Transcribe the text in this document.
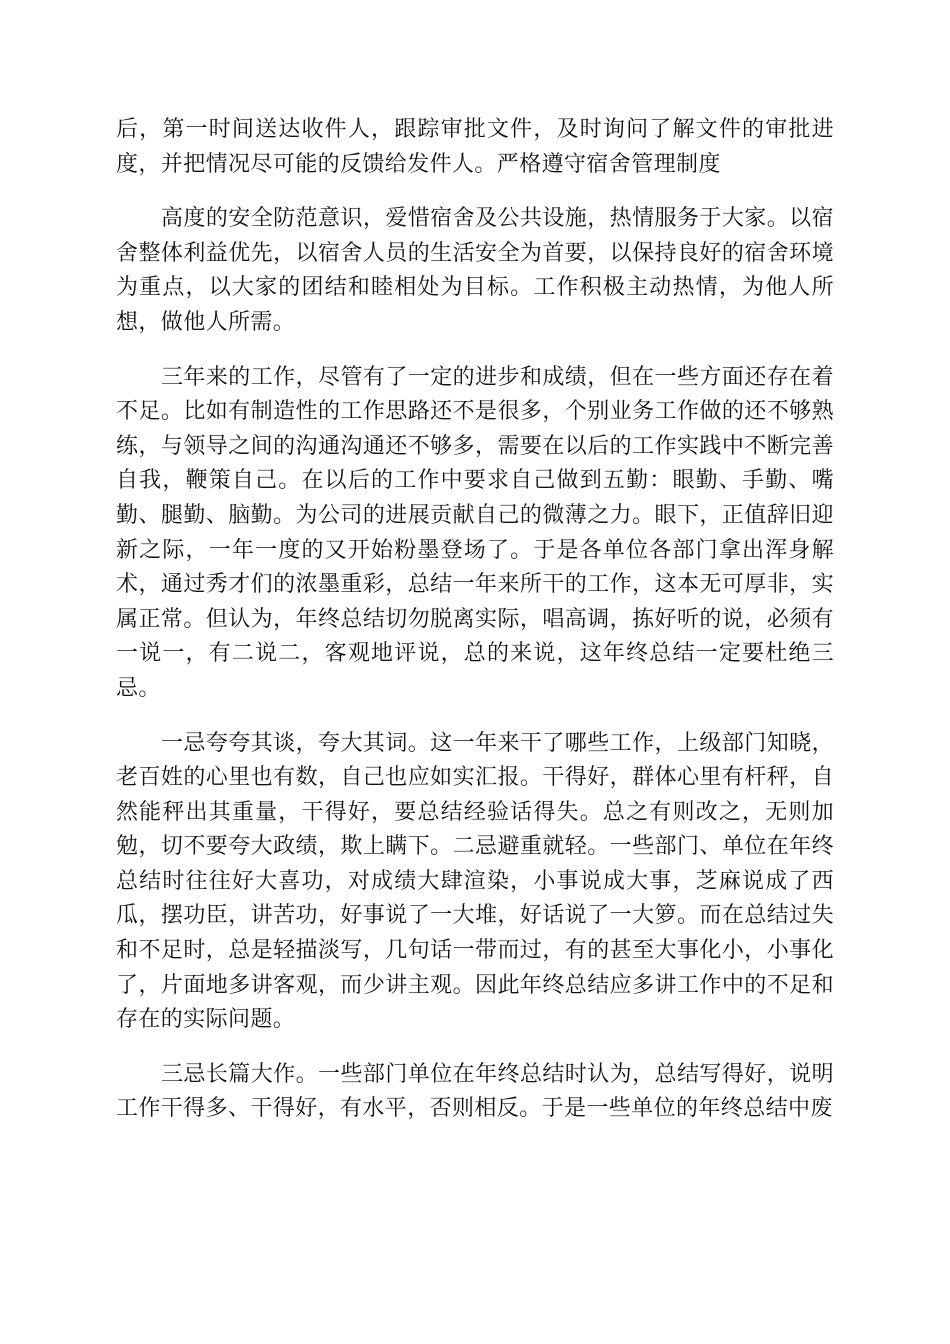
后，第一时间送达收件人，跟踪审批文件，及时询问了解文件的审批进度，并把情况尽可能的反馈给发件人。严格遵守宿舍管理制度

高度的安全防范意识，爱惜宿舍及公共设施，热情服务于大家。以宿舍整体利益优先，以宿舍人员的生活安全为首要，以保持良好的宿舍环境为重点，以大家的团结和睦相处为目标。工作积极主动热情，为他人所想，做他人所需。

三年来的工作，尽管有了一定的进步和成绩，但在一些方面还存在着不足。比如有制造性的工作思路还不是很多，个别业务工作做的还不够熟练，与领导之间的沟通沟通还不够多，需要在以后的工作实践中不断完善自我，鞭策自己。在以后的工作中要求自己做到五勤：眼勤、手勤、嘴勤、腿勤、脑勤。为公司的进展贡献自己的微薄之力。眼下，正值辞旧迎新之际，一年一度的又开始粉墨登场了。于是各单位各部门拿出浑身解术，通过秀才们的浓墨重彩，总结一年来所干的工作，这本无可厚非，实属正常。但认为，年终总结切勿脱离实际，唱高调，拣好听的说，必须有一说一，有二说二，客观地评说，总的来说，这年终总结一定要杜绝三忌。

一忌夸夸其谈，夸大其词。这一年来干了哪些工作，上级部门知晓，老百姓的心里也有数，自己也应如实汇报。干得好，群体心里有杆秤，自然能秤出其重量，干得好，要总结经验话得失。总之有则改之，无则加勉，切不要夸大政绩，欺上瞒下。二忌避重就轻。一些部门、单位在年终总结时往往好大喜功，对成绩大肆渲染，小事说成大事，芝麻说成了西瓜，摆功臣，讲苦功，好事说了一大堆，好话说了一大箩。而在总结过失和不足时，总是轻描淡写，几句话一带而过，有的甚至大事化小，小事化了，片面地多讲客观，而少讲主观。因此年终总结应多讲工作中的不足和存在的实际问题。

三忌长篇大作。一些部门单位在年终总结时认为，总结写得好，说明工作干得多、干得好，有水平，否则相反。于是一些单位的年终总结中废
